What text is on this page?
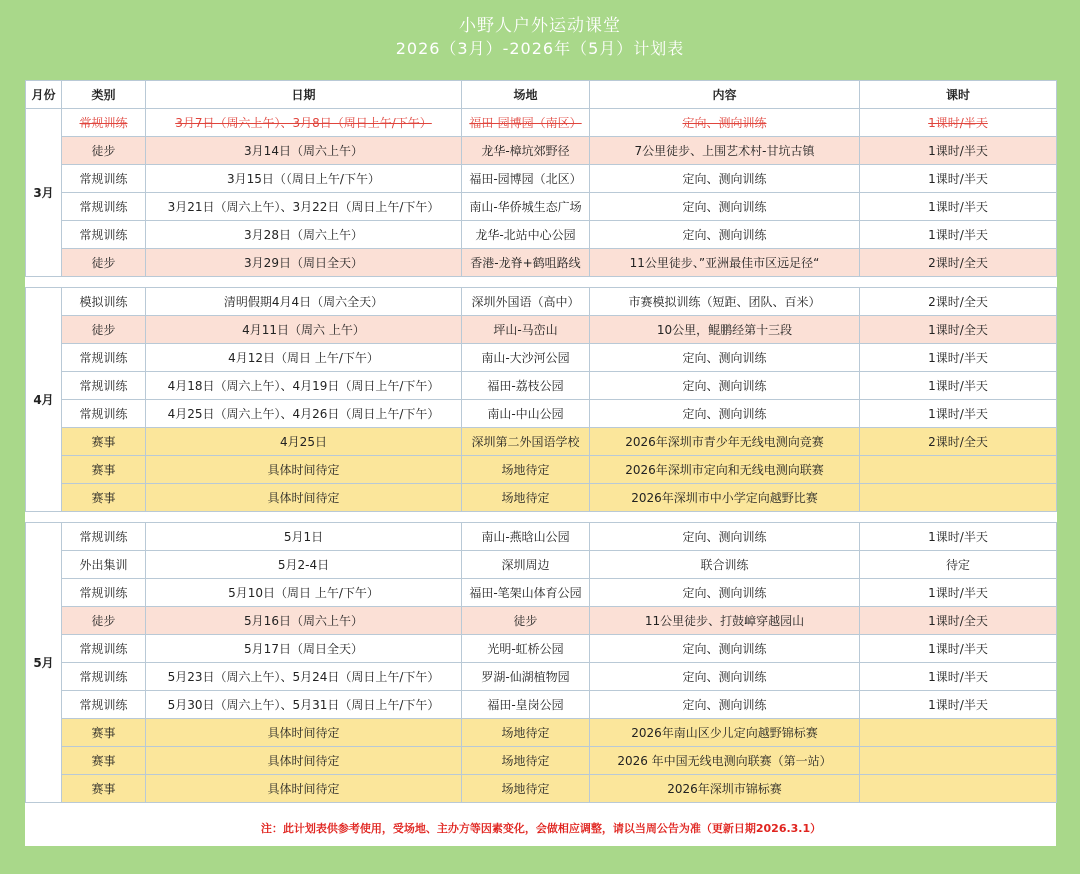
小野人户外运动课堂
2026（3月）-2026年（5月）计划表
月份	类别	日期	场地	内容	课时
3月	常规训练	3月7日（周六上午）、3月8日（周日上午/下午）	福田-园博园（南区）	定向、测向训练	1课时/半天
	徒步	3月14日（周六上午）	龙华-樟坑郊野径	7公里徒步、上围艺术村-甘坑古镇	1课时/半天
	常规训练	3月15日（（周日上午/下午）	福田-园博园（北区）	定向、测向训练	1课时/半天
	常规训练	3月21日（周六上午）、3月22日（周日上午/下午）	南山-华侨城生态广场	定向、测向训练	1课时/半天
	常规训练	3月28日（周六上午）	龙华-北站中心公园	定向、测向训练	1课时/半天
	徒步	3月29日（周日全天）	香港-龙脊+鹤咀路线	11公里徒步、”亚洲最佳市区远足径“	2课时/全天

4月	模拟训练	清明假期4月4日（周六全天）	深圳外国语（高中）	市赛模拟训练（短距、团队、百米）	2课时/全天
	徒步	4月11日（周六 上午）	坪山-马峦山	10公里，鲲鹏经第十三段	1课时/全天
	常规训练	4月12日（周日 上午/下午）	南山-大沙河公园	定向、测向训练	1课时/半天
	常规训练	4月18日（周六上午）、4月19日（周日上午/下午）	福田-荔枝公园	定向、测向训练	1课时/半天
	常规训练	4月25日（周六上午）、4月26日（周日上午/下午）	南山-中山公园	定向、测向训练	1课时/半天
	赛事	4月25日	深圳第二外国语学校	2026年深圳市青少年无线电测向竞赛	2课时/全天
	赛事	具体时间待定	场地待定	2026年深圳市定向和无线电测向联赛	
	赛事	具体时间待定	场地待定	2026年深圳市中小学定向越野比赛	

5月	常规训练	5月1日	南山-燕晗山公园	定向、测向训练	1课时/半天
	外出集训	5月2-4日	深圳周边	联合训练	待定
	常规训练	5月10日（周日 上午/下午）	福田-笔架山体育公园	定向、测向训练	1课时/半天
	徒步	5月16日（周六上午）	徒步	11公里徒步、打鼓嶂穿越园山	1课时/全天
	常规训练	5月17日（周日全天）	光明-虹桥公园	定向、测向训练	1课时/半天
	常规训练	5月23日（周六上午）、5月24日（周日上午/下午）	罗湖-仙湖植物园	定向、测向训练	1课时/半天
	常规训练	5月30日（周六上午）、5月31日（周日上午/下午）	福田-皇岗公园	定向、测向训练	1课时/半天
	赛事	具体时间待定	场地待定	2026年南山区少儿定向越野锦标赛	
	赛事	具体时间待定	场地待定	2026 年中国无线电测向联赛（第一站）	
	赛事	具体时间待定	场地待定	2026年深圳市锦标赛	

注：此计划表供参考使用，受场地、主办方等因素变化，会做相应调整，请以当周公告为准（更新日期2026.3.1）					
